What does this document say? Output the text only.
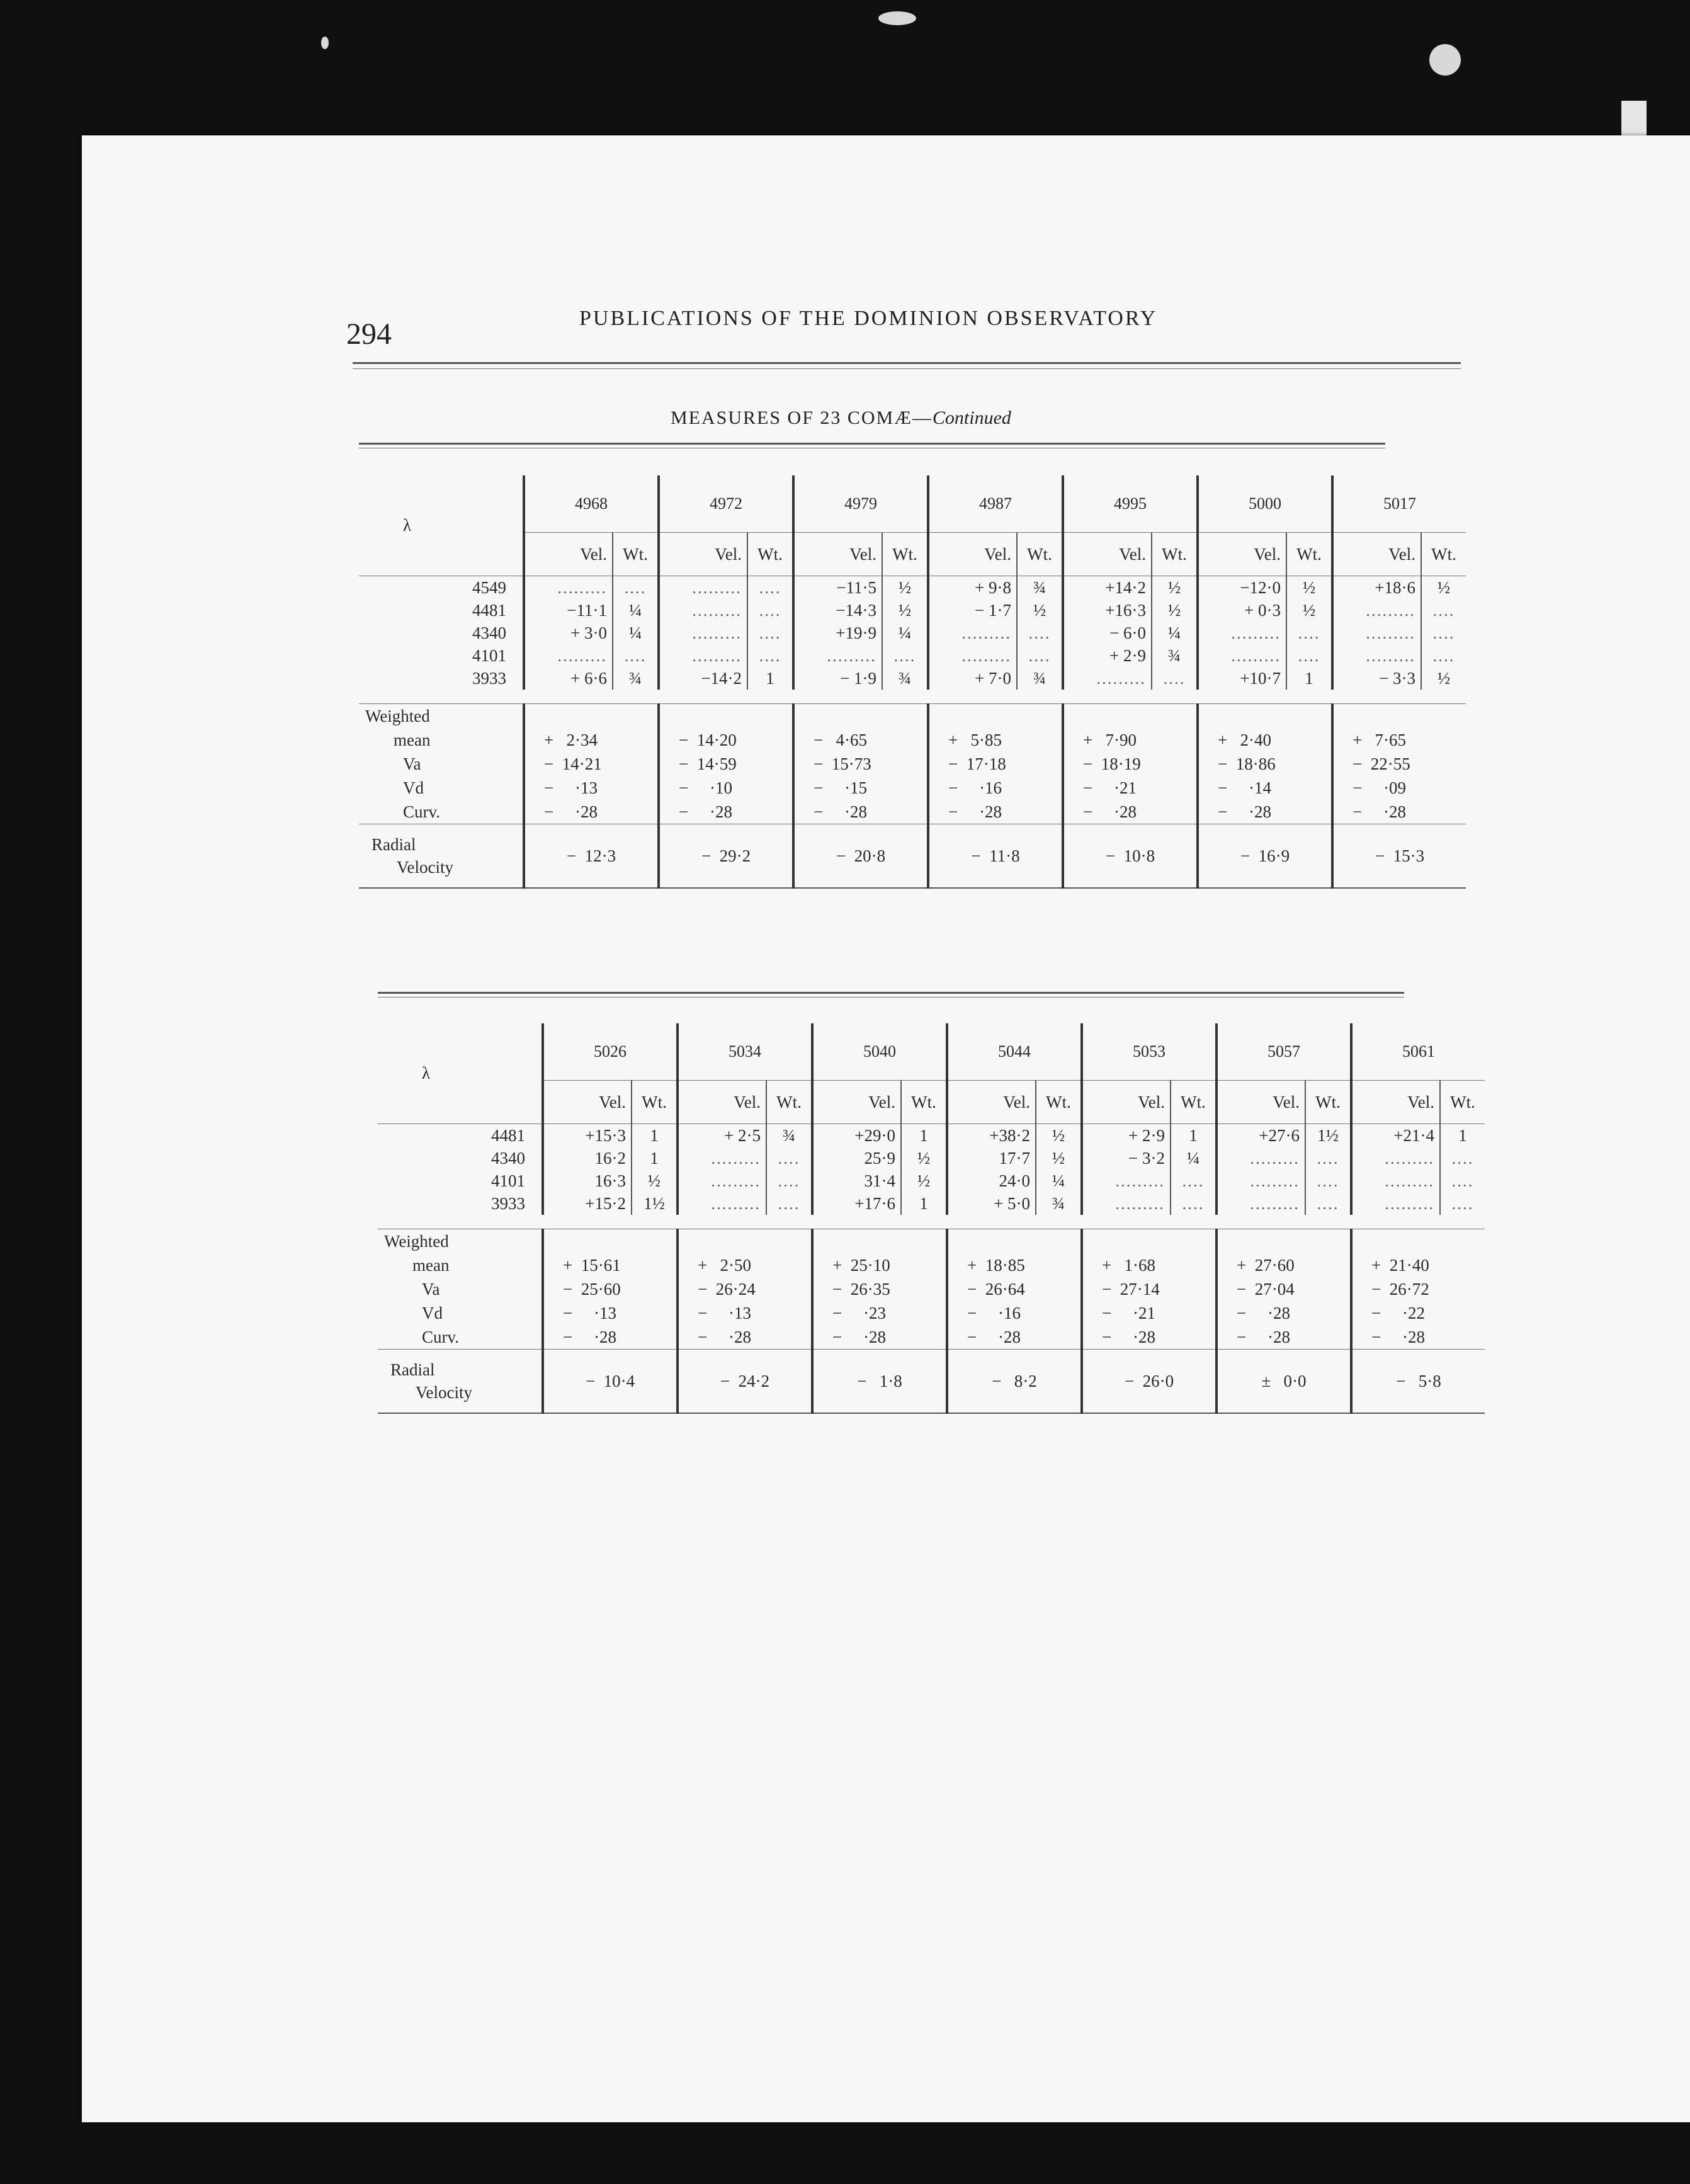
294	PUBLICATIONS OF THE DOMINION OBSERVATORY
MEASURES OF 23 COMÆ—Continued
λ	4968		4972		4979		4987		4995		5000		5017	
	Vel.	Wt.	Vel.	Wt.	Vel.	Wt.	Vel.	Wt.	Vel.	Wt.	Vel.	Wt.	Vel.	Wt.
4549	.........	....	.........	....	−11·5	½	+ 9·8	¾	+14·2	½	−12·0	½	+18·6	½
4481	−11·1	¼	.........	....	−14·3	½	− 1·7	½	+16·3	½	+ 0·3	½	.........	....
4340	+ 3·0	¼	.........	....	+19·9	¼	.........	....	− 6·0	¼	.........	....	.........	....
4101	.........	....	.........	....	.........	....	.........	....	+ 2·9	¾	.........	....	.........	....
3933	+ 6·6	¾	−14·2	1	− 1·9	¾	+ 7·0	¾	.........	....	+10·7	1	− 3·3	½

Weighted														
mean	+   2·34		−  14·20		−   4·65		+   5·85		+   7·90		+   2·40		+   7·65	
Va	−  14·21		−  14·59		−  15·73		−  17·18		−  18·19		−  18·86		−  22·55	
Vd	−     ·13		−     ·10		−     ·15		−     ·16		−     ·21		−     ·14		−     ·09	
Curv.	−     ·28		−     ·28		−     ·28		−     ·28		−     ·28		−     ·28		−     ·28	

Radial
Velocity	−  12·3		−  29·2		−  20·8		−  11·8		−  10·8		−  16·9		−  15·3	
λ	5026		5034		5040		5044		5053		5057		5061	
	Vel.	Wt.	Vel.	Wt.	Vel.	Wt.	Vel.	Wt.	Vel.	Wt.	Vel.	Wt.	Vel.	Wt.
4481	+15·3	1	+ 2·5	¾	+29·0	1	+38·2	½	+ 2·9	1	+27·6	1½	+21·4	1
4340	16·2	1	.........	....	25·9	½	17·7	½	− 3·2	¼	.........	....	.........	....
4101	16·3	½	.........	....	31·4	½	24·0	¼	.........	....	.........	....	.........	....
3933	+15·2	1½	.........	....	+17·6	1	+ 5·0	¾	.........	....	.........	....	.........	....

Weighted														
mean	+  15·61		+   2·50		+  25·10		+  18·85		+   1·68		+  27·60		+  21·40	
Va	−  25·60		−  26·24		−  26·35		−  26·64		−  27·14		−  27·04		−  26·72	
Vd	−     ·13		−     ·13		−     ·23		−     ·16		−     ·21		−     ·28		−     ·22	
Curv.	−     ·28		−     ·28		−     ·28		−     ·28		−     ·28		−     ·28		−     ·28	

Radial
Velocity	−  10·4		−  24·2		−   1·8		−   8·2		−  26·0		±   0·0		−   5·8	
